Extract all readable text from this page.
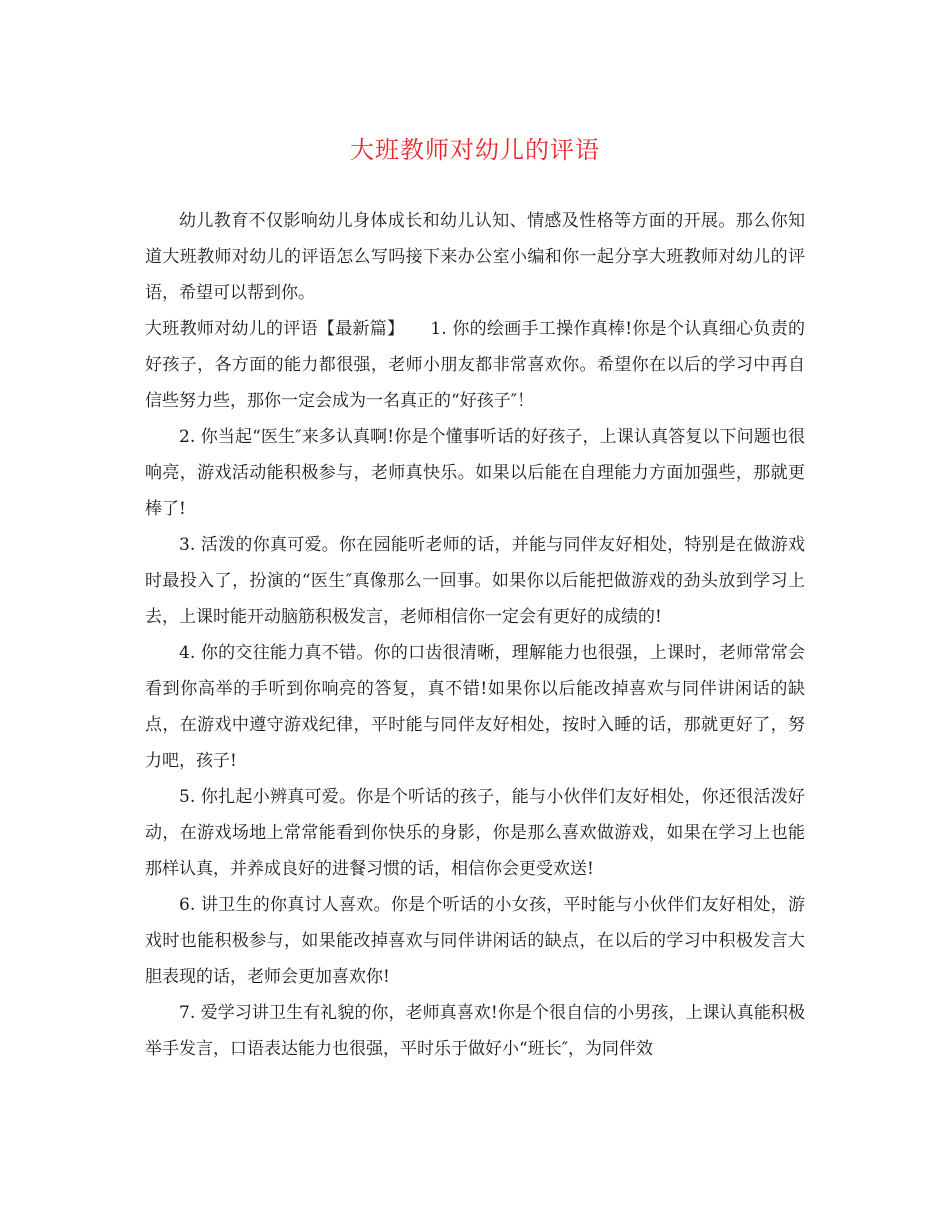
大班教师对幼儿的评语

幼儿教育不仅影响幼儿身体成长和幼儿认知、情感及性格等方面的开展。那么你知道大班教师对幼儿的评语怎么写吗接下来办公室小编和你一起分享大班教师对幼儿的评语，希望可以帮到你。

大班教师对幼儿的评语【最新篇】　　1. 你的绘画手工操作真棒!你是个认真细心负责的好孩子，各方面的能力都很强，老师小朋友都非常喜欢你。希望你在以后的学习中再自信些努力些，那你一定会成为一名真正的“好孩子″！

2. 你当起“医生″来多认真啊!你是个懂事听话的好孩子，上课认真答复以下问题也很响亮，游戏活动能积极参与，老师真快乐。如果以后能在自理能力方面加强些，那就更棒了!

3. 活泼的你真可爱。你在园能听老师的话，并能与同伴友好相处，特别是在做游戏时最投入了，扮演的“医生″真像那么一回事。如果你以后能把做游戏的劲头放到学习上去，上课时能开动脑筋积极发言，老师相信你一定会有更好的成绩的!

4. 你的交往能力真不错。你的口齿很清晰，理解能力也很强，上课时，老师常常会看到你高举的手听到你响亮的答复，真不错!如果你以后能改掉喜欢与同伴讲闲话的缺点，在游戏中遵守游戏纪律，平时能与同伴友好相处，按时入睡的话，那就更好了，努力吧，孩子!

5. 你扎起小辨真可爱。你是个听话的孩子，能与小伙伴们友好相处，你还很活泼好动，在游戏场地上常常能看到你快乐的身影，你是那么喜欢做游戏，如果在学习上也能那样认真，并养成良好的进餐习惯的话，相信你会更受欢送!

6. 讲卫生的你真讨人喜欢。你是个听话的小女孩，平时能与小伙伴们友好相处，游戏时也能积极参与，如果能改掉喜欢与同伴讲闲话的缺点，在以后的学习中积极发言大胆表现的话，老师会更加喜欢你!

7. 爱学习讲卫生有礼貌的你，老师真喜欢!你是个很自信的小男孩，上课认真能积极举手发言，口语表达能力也很强，平时乐于做好小“班长″，为同伴效
